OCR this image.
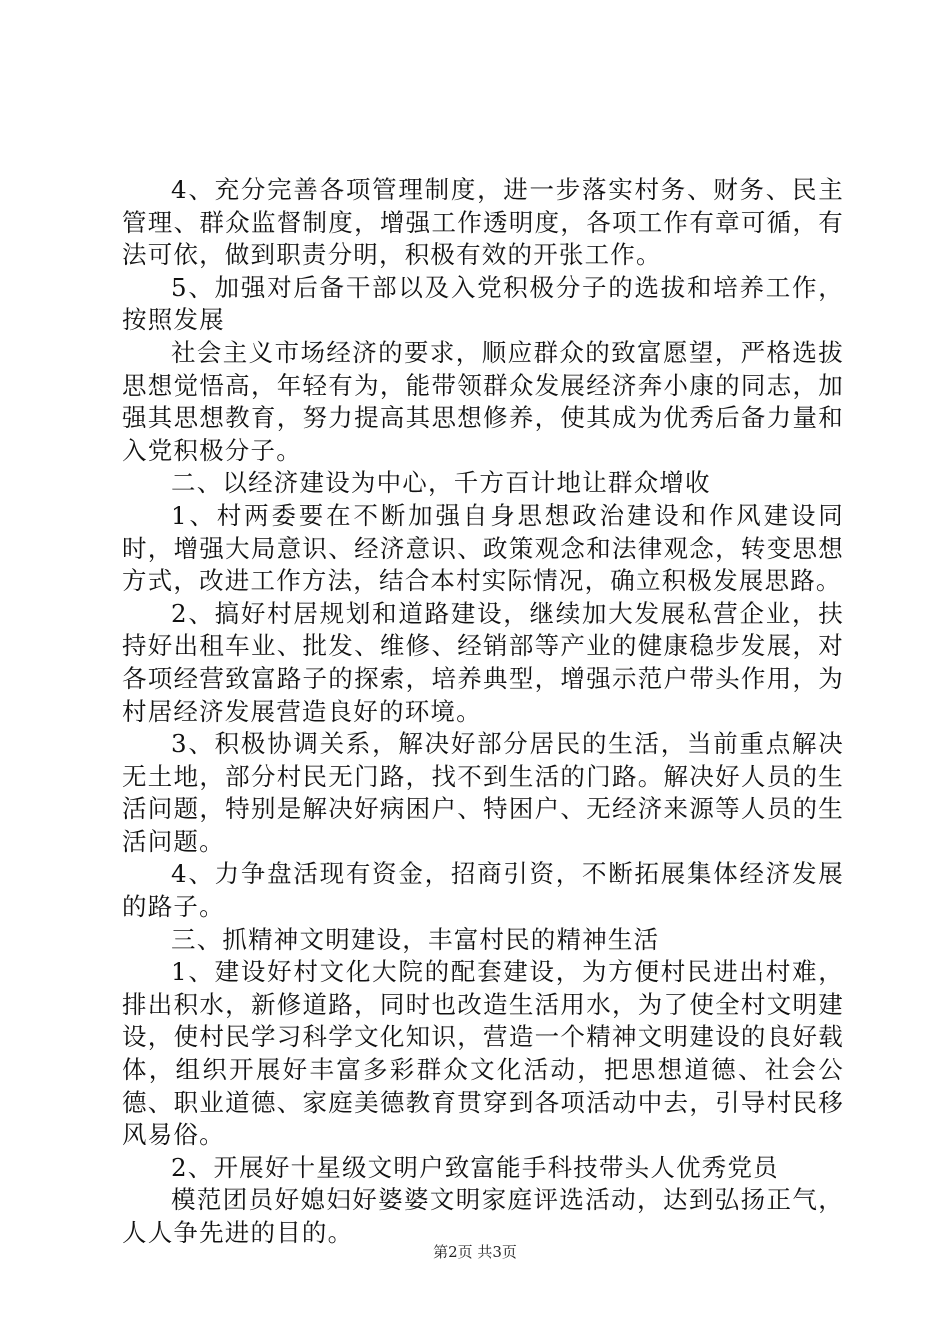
4、充分完善各项管理制度，进一步落实村务、财务、民主管理、群众监督制度，增强工作透明度，各项工作有章可循，有法可依，做到职责分明，积极有效的开张工作。

5、加强对后备干部以及入党积极分子的选拔和培养工作，按照发展

社会主义市场经济的要求，顺应群众的致富愿望，严格选拔思想觉悟高，年轻有为，能带领群众发展经济奔小康的同志，加强其思想教育，努力提高其思想修养，使其成为优秀后备力量和入党积极分子。

二、以经济建设为中心，千方百计地让群众增收

1、村两委要在不断加强自身思想政治建设和作风建设同时，增强大局意识、经济意识、政策观念和法律观念，转变思想方式，改进工作方法，结合本村实际情况，确立积极发展思路。

2、搞好村居规划和道路建设，继续加大发展私营企业，扶持好出租车业、批发、维修、经销部等产业的健康稳步发展，对各项经营致富路子的探索，培养典型，增强示范户带头作用，为村居经济发展营造良好的环境。

3、积极协调关系，解决好部分居民的生活，当前重点解决无土地，部分村民无门路，找不到生活的门路。解决好人员的生活问题，特别是解决好病困户、特困户、无经济来源等人员的生活问题。

4、力争盘活现有资金，招商引资，不断拓展集体经济发展的路子。

三、抓精神文明建设，丰富村民的精神生活

1、建设好村文化大院的配套建设，为方便村民进出村难，排出积水，新修道路，同时也改造生活用水，为了使全村文明建设，使村民学习科学文化知识，营造一个精神文明建设的良好载体，组织开展好丰富多彩群众文化活动，把思想道德、社会公德、职业道德、家庭美德教育贯穿到各项活动中去，引导村民移风易俗。

2、开展好十星级文明户致富能手科技带头人优秀党员

模范团员好媳妇好婆婆文明家庭评选活动，达到弘扬正气，人人争先进的目的。

第2页 共3页
